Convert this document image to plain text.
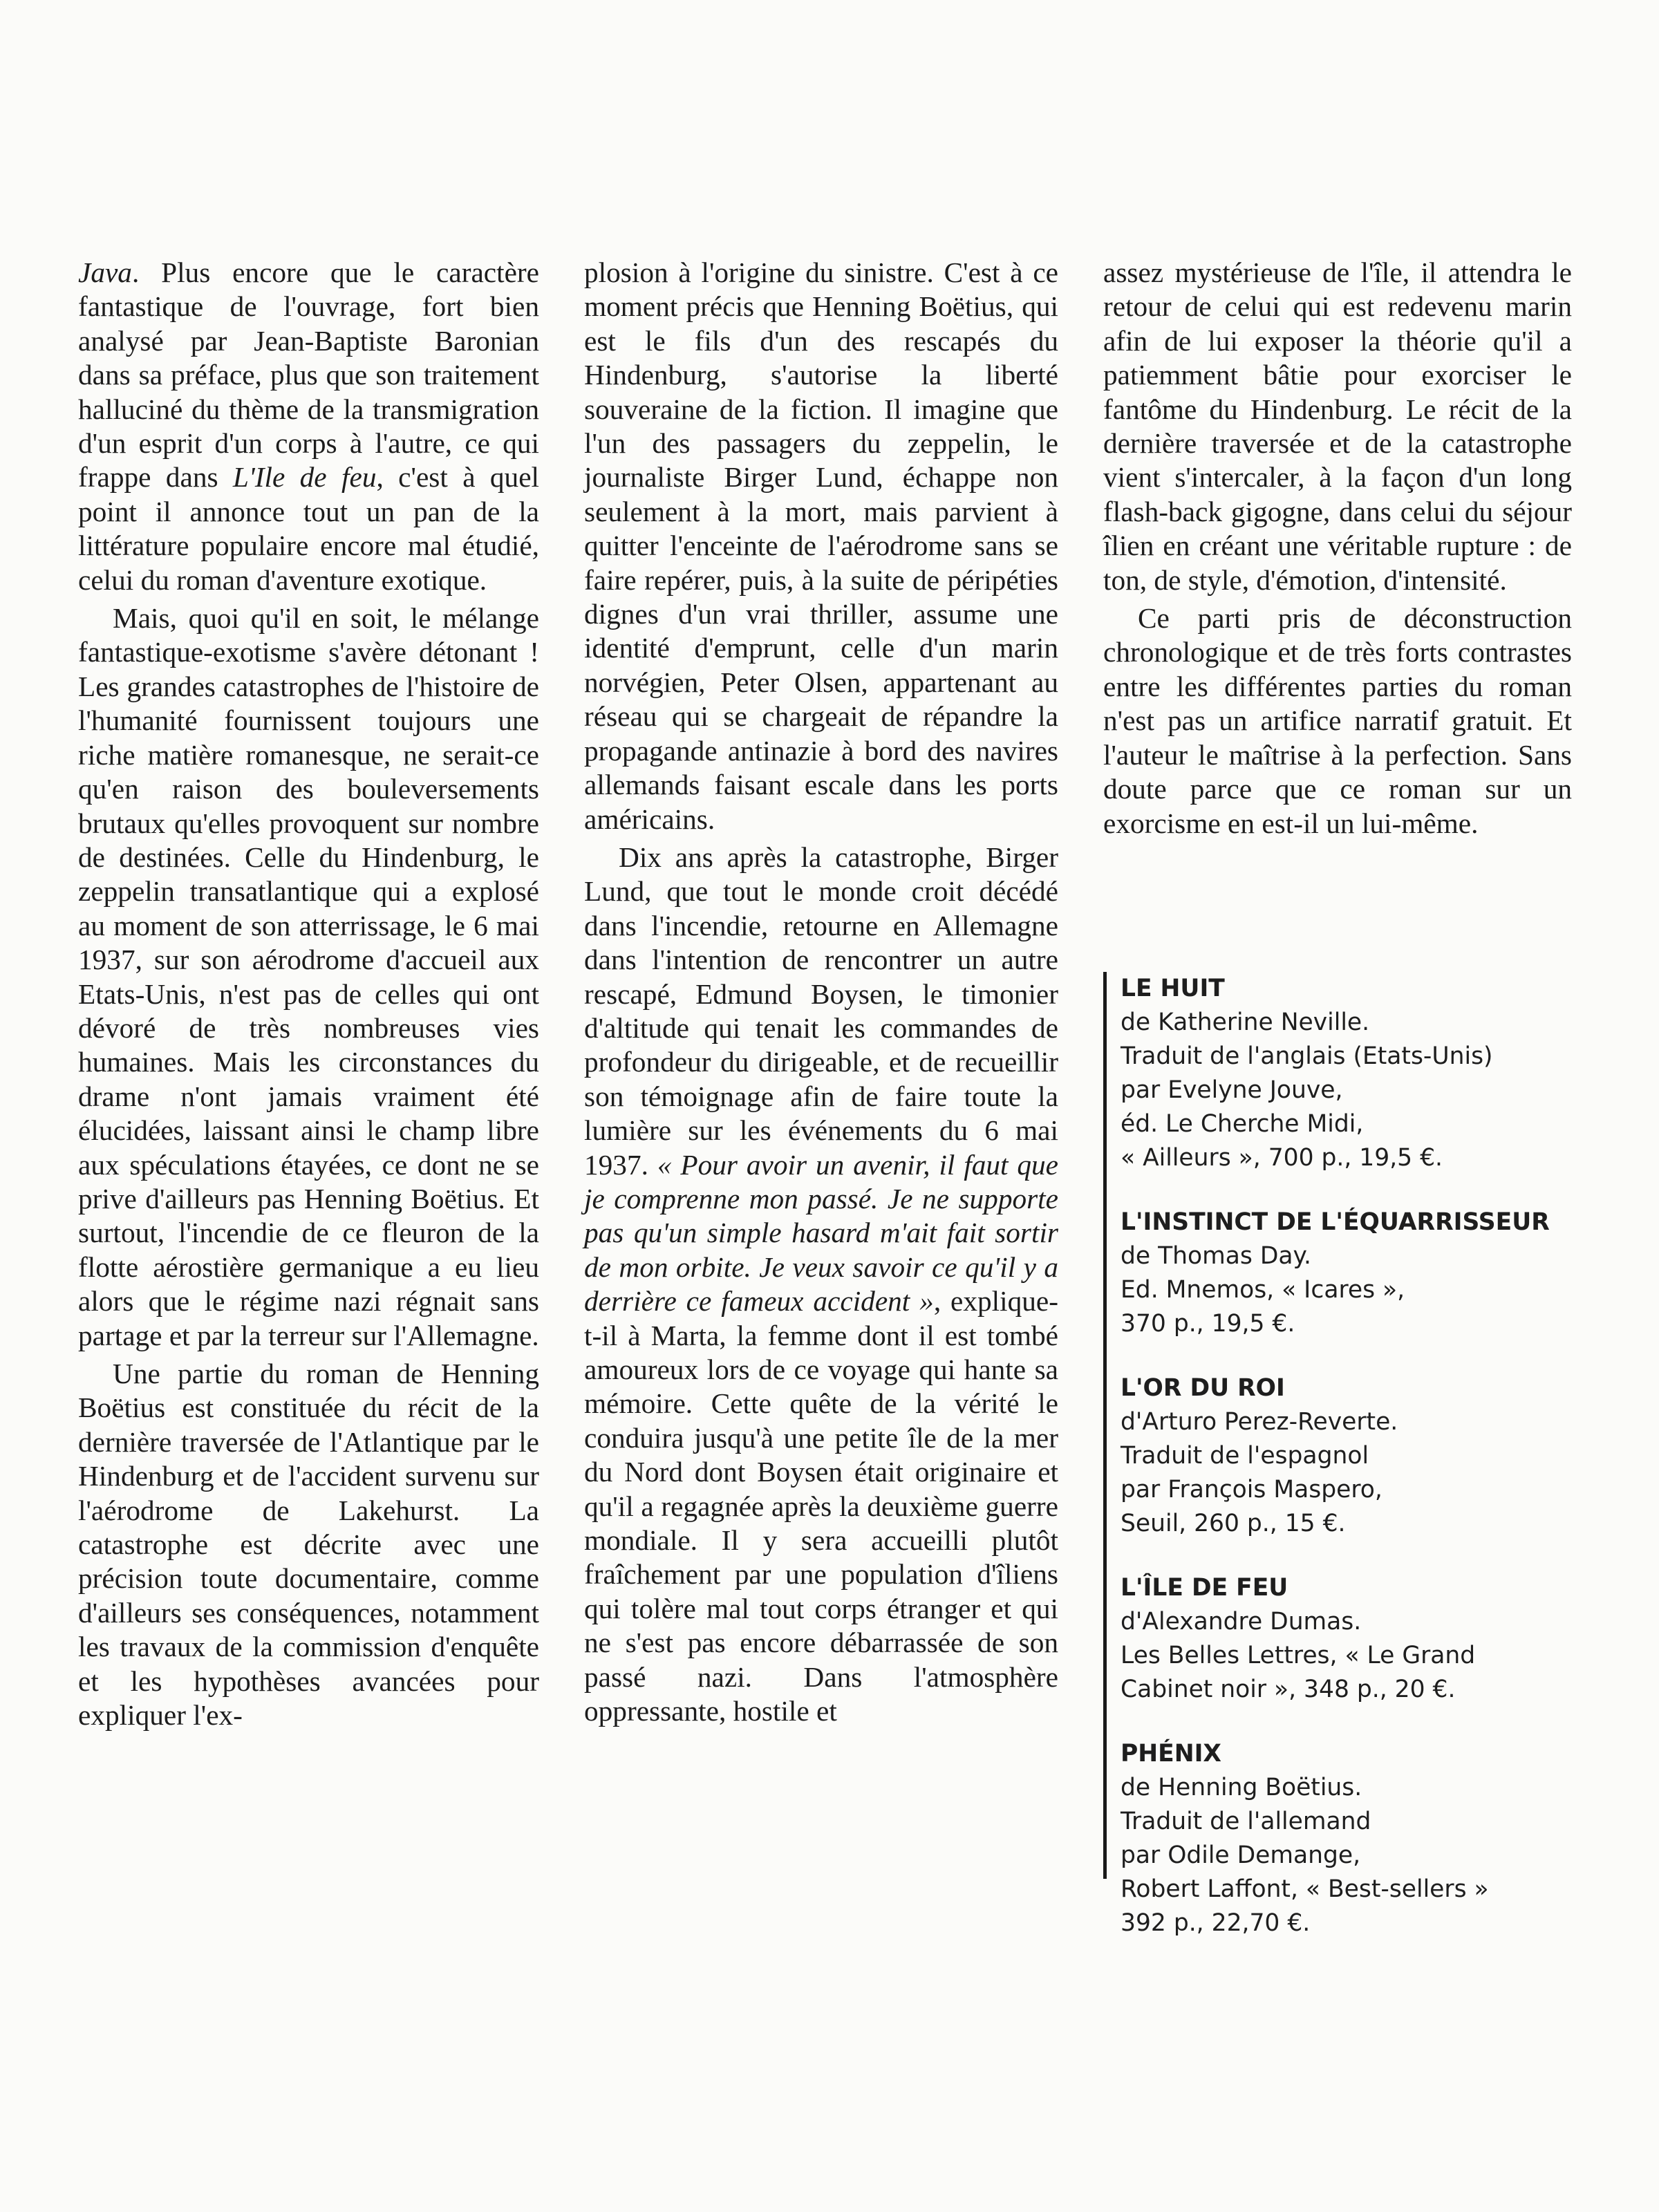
Java. Plus encore que le caractère fantastique de l'ouvrage, fort bien analysé par Jean-Baptiste Baronian dans sa préface, plus que son traitement halluciné du thème de la transmigration d'un esprit d'un corps à l'autre, ce qui frappe dans L'Ile de feu, c'est à quel point il annonce tout un pan de la littérature populaire encore mal étudié, celui du roman d'aventure exotique.

Mais, quoi qu'il en soit, le mélange fantastique-exotisme s'avère détonant ! Les grandes catastrophes de l'histoire de l'humanité fournissent toujours une riche matière romanesque, ne serait-ce qu'en raison des bouleversements brutaux qu'elles provoquent sur nombre de destinées. Celle du Hindenburg, le zeppelin transatlantique qui a explosé au moment de son atterrissage, le 6 mai 1937, sur son aérodrome d'accueil aux Etats-Unis, n'est pas de celles qui ont dévoré de très nombreuses vies humaines. Mais les circonstances du drame n'ont jamais vraiment été élucidées, laissant ainsi le champ libre aux spéculations étayées, ce dont ne se prive d'ailleurs pas Henning Boëtius. Et surtout, l'incendie de ce fleuron de la flotte aérostière germanique a eu lieu alors que le régime nazi régnait sans partage et par la terreur sur l'Allemagne.

Une partie du roman de Henning Boëtius est constituée du récit de la dernière traversée de l'Atlantique par le Hindenburg et de l'accident survenu sur l'aérodrome de Lakehurst. La catastrophe est décrite avec une précision toute documentaire, comme d'ailleurs ses conséquences, notamment les travaux de la commission d'enquête et les hypothèses avancées pour expliquer l'ex-

plosion à l'origine du sinistre. C'est à ce moment précis que Henning Boëtius, qui est le fils d'un des rescapés du Hindenburg, s'autorise la liberté souveraine de la fiction. Il imagine que l'un des passagers du zeppelin, le journaliste Birger Lund, échappe non seulement à la mort, mais parvient à quitter l'enceinte de l'aérodrome sans se faire repérer, puis, à la suite de péripéties dignes d'un vrai thriller, assume une identité d'emprunt, celle d'un marin norvégien, Peter Olsen, appartenant au réseau qui se chargeait de répandre la propagande antinazie à bord des navires allemands faisant escale dans les ports américains.

Dix ans après la catastrophe, Birger Lund, que tout le monde croit décédé dans l'incendie, retourne en Allemagne dans l'intention de rencontrer un autre rescapé, Edmund Boysen, le timonier d'altitude qui tenait les commandes de profondeur du dirigeable, et de recueillir son témoignage afin de faire toute la lumière sur les événements du 6 mai 1937. « Pour avoir un avenir, il faut que je comprenne mon passé. Je ne supporte pas qu'un simple hasard m'ait fait sortir de mon orbite. Je veux savoir ce qu'il y a derrière ce fameux accident », explique-t-il à Marta, la femme dont il est tombé amoureux lors de ce voyage qui hante sa mémoire. Cette quête de la vérité le conduira jusqu'à une petite île de la mer du Nord dont Boysen était originaire et qu'il a regagnée après la deuxième guerre mondiale. Il y sera accueilli plutôt fraîchement par une population d'îliens qui tolère mal tout corps étranger et qui ne s'est pas encore débarrassée de son passé nazi. Dans l'atmosphère oppressante, hostile et

assez mystérieuse de l'île, il attendra le retour de celui qui est redevenu marin afin de lui exposer la théorie qu'il a patiemment bâtie pour exorciser le fantôme du Hindenburg. Le récit de la dernière traversée et de la catastrophe vient s'intercaler, à la façon d'un long flash-back gigogne, dans celui du séjour îlien en créant une véritable rupture : de ton, de style, d'émotion, d'intensité.

Ce parti pris de déconstruction chronologique et de très forts contrastes entre les différentes parties du roman n'est pas un artifice narratif gratuit. Et l'auteur le maîtrise à la perfection. Sans doute parce que ce roman sur un exorcisme en est-il un lui-même.

LE HUIT
de Katherine Neville.
Traduit de l'anglais (Etats-Unis)
par Evelyne Jouve,
éd. Le Cherche Midi,
« Ailleurs », 700 p., 19,5 €.
L'INSTINCT DE L'ÉQUARRISSEUR
de Thomas Day.
Ed. Mnemos, « Icares »,
370 p., 19,5 €.
L'OR DU ROI
d'Arturo Perez-Reverte.
Traduit de l'espagnol
par François Maspero,
Seuil, 260 p., 15 €.
L'ÎLE DE FEU
d'Alexandre Dumas.
Les Belles Lettres, « Le Grand
Cabinet noir », 348 p., 20 €.
PHÉNIX
de Henning Boëtius.
Traduit de l'allemand
par Odile Demange,
Robert Laffont, « Best-sellers »
392 p., 22,70 €.
